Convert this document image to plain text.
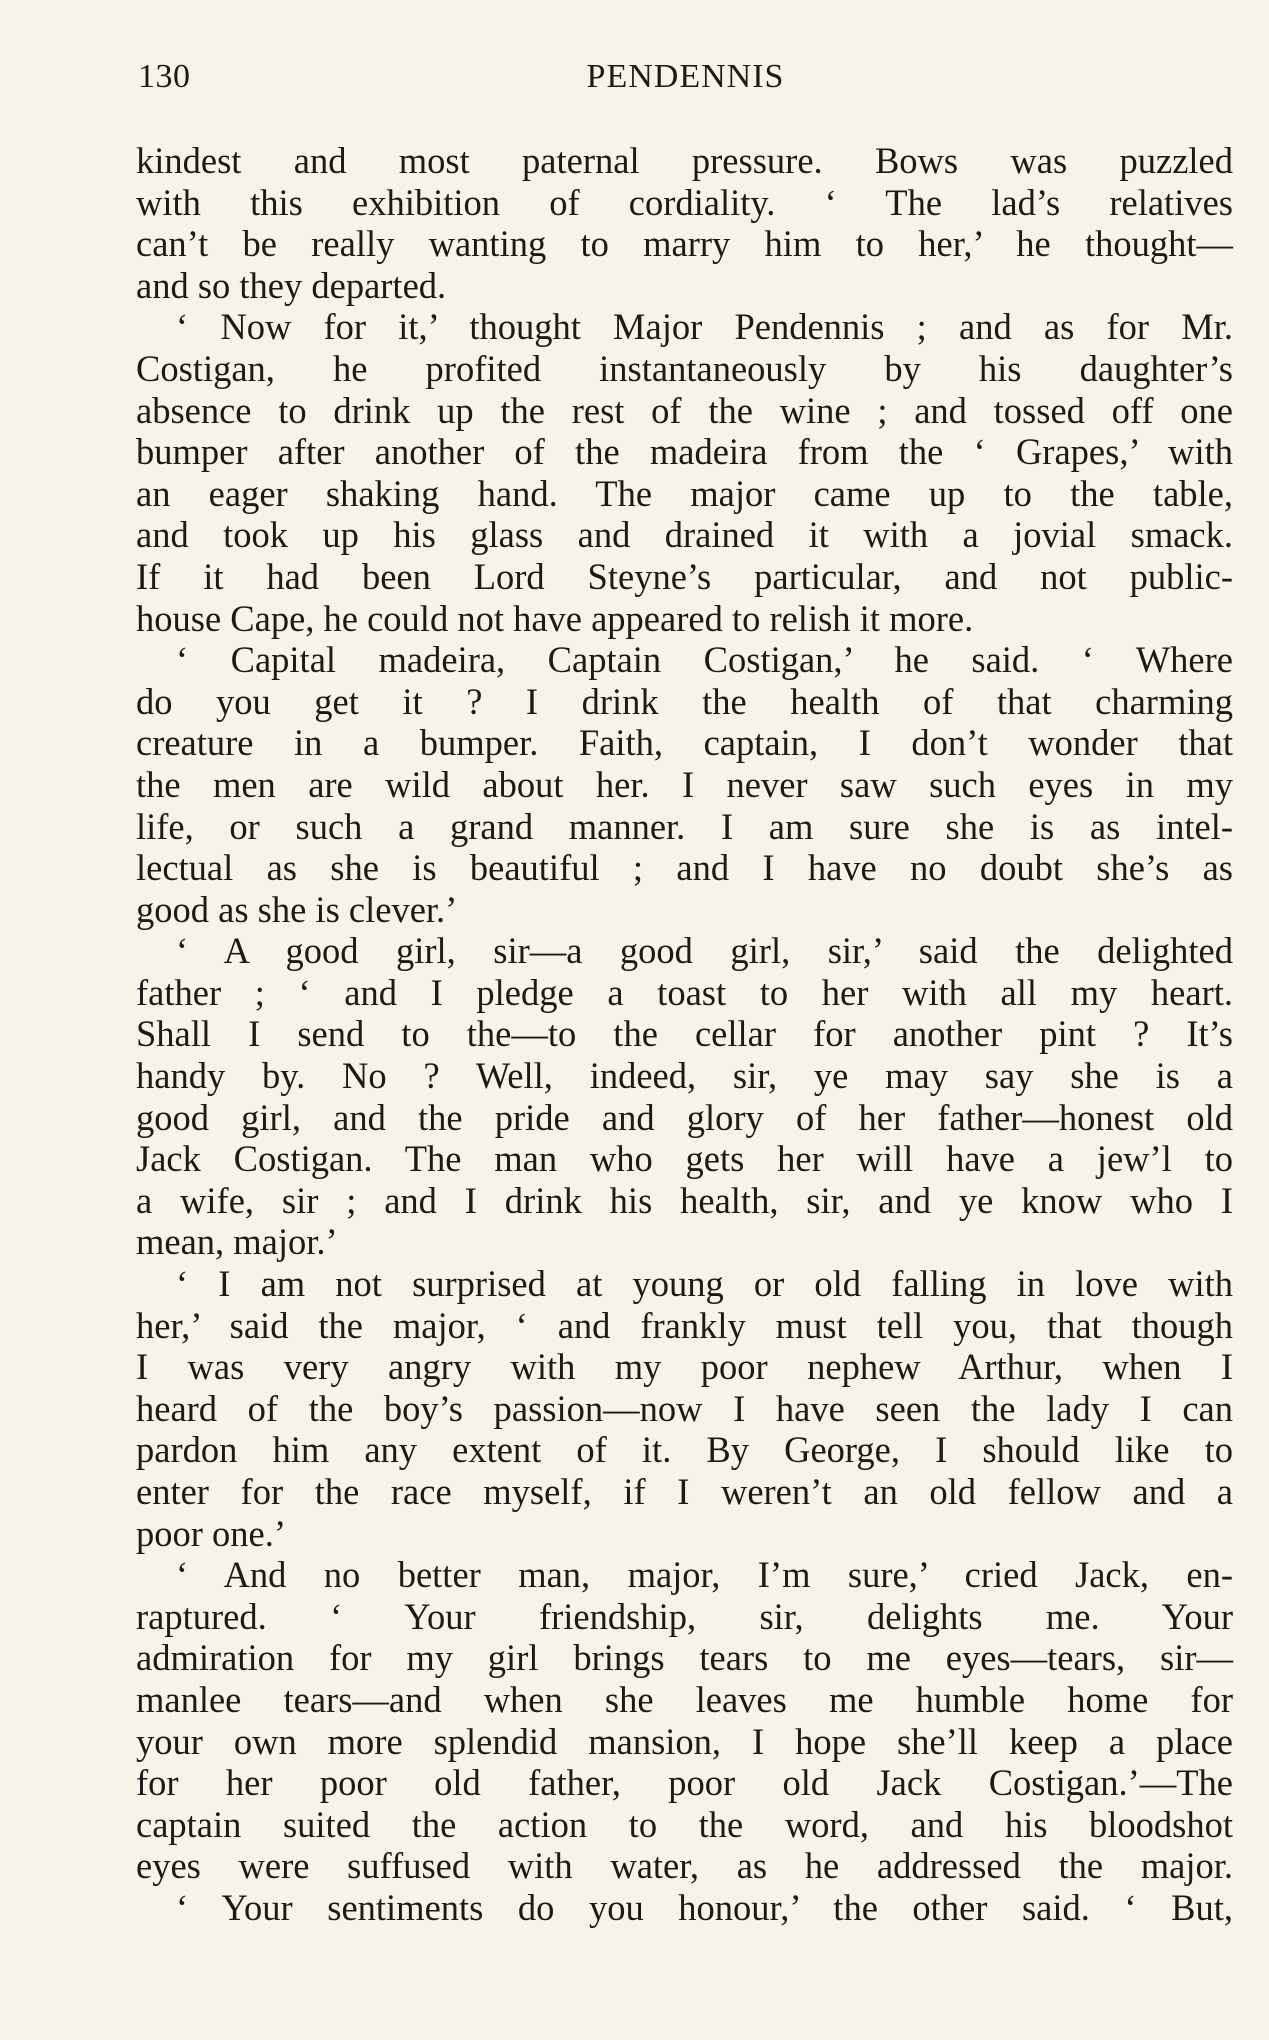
130	PENDENNIS
kindest and most paternal pressure. Bows was puzzled
with this exhibition of cordiality. ‘ The lad’s relatives
can’t be really wanting to marry him to her,’ he thought—
and so they departed.
‘ Now for it,’ thought Major Pendennis ; and as for Mr.
Costigan, he profited instantaneously by his daughter’s
absence to drink up the rest of the wine ; and tossed off one
bumper after another of the madeira from the ‘ Grapes,’ with
an eager shaking hand. The major came up to the table,
and took up his glass and drained it with a jovial smack.
If it had been Lord Steyne’s particular, and not public-
house Cape, he could not have appeared to relish it more.
‘ Capital madeira, Captain Costigan,’ he said. ‘ Where
do you get it ? I drink the health of that charming
creature in a bumper. Faith, captain, I don’t wonder that
the men are wild about her. I never saw such eyes in my
life, or such a grand manner. I am sure she is as intel-
lectual as she is beautiful ; and I have no doubt she’s as
good as she is clever.’
‘ A good girl, sir—a good girl, sir,’ said the delighted
father ; ‘ and I pledge a toast to her with all my heart.
Shall I send to the—to the cellar for another pint ? It’s
handy by. No ? Well, indeed, sir, ye may say she is a
good girl, and the pride and glory of her father—honest old
Jack Costigan. The man who gets her will have a jew’l to
a wife, sir ; and I drink his health, sir, and ye know who I
mean, major.’
‘ I am not surprised at young or old falling in love with
her,’ said the major, ‘ and frankly must tell you, that though
I was very angry with my poor nephew Arthur, when I
heard of the boy’s passion—now I have seen the lady I can
pardon him any extent of it. By George, I should like to
enter for the race myself, if I weren’t an old fellow and a
poor one.’
‘ And no better man, major, I’m sure,’ cried Jack, en-
raptured. ‘ Your friendship, sir, delights me. Your
admiration for my girl brings tears to me eyes—tears, sir—
manlee tears—and when she leaves me humble home for
your own more splendid mansion, I hope she’ll keep a place
for her poor old father, poor old Jack Costigan.’—The
captain suited the action to the word, and his bloodshot
eyes were suffused with water, as he addressed the major.
‘ Your sentiments do you honour,’ the other said. ‘ But,
